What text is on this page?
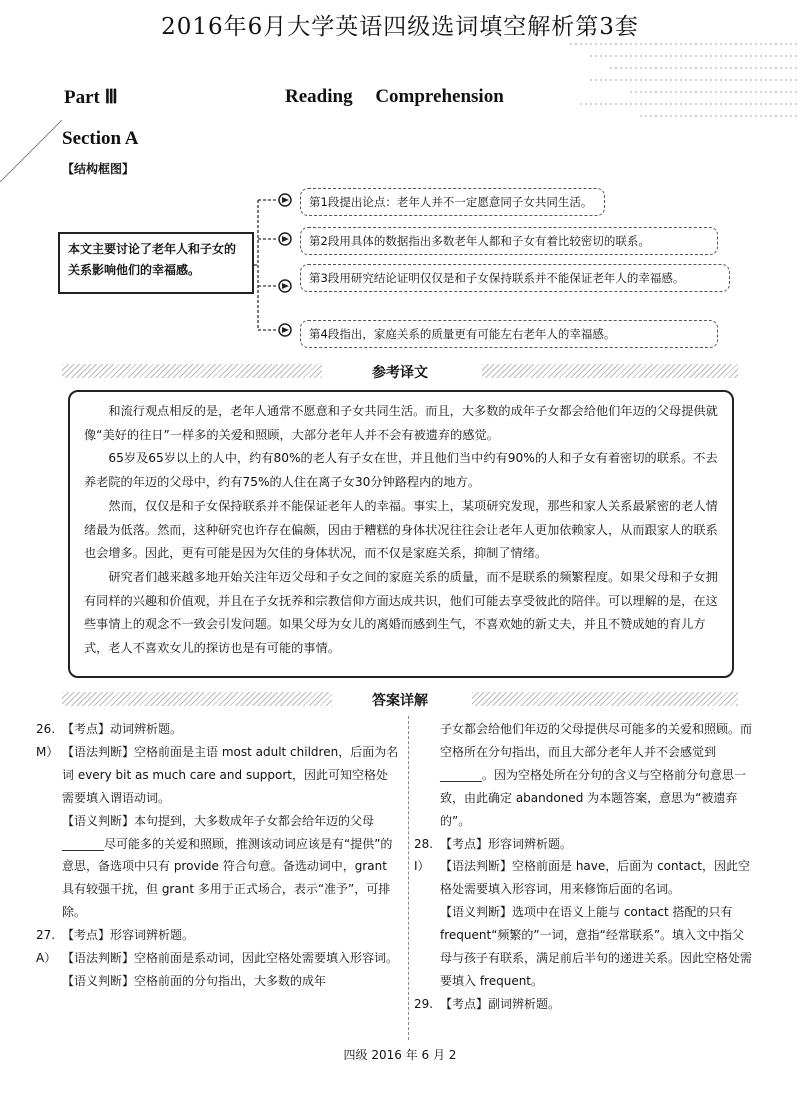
2016年6月大学英语四级选词填空解析第3套
Part Ⅲ	Reading Comprehension
Section A
【结构框图】
本文主要讨论了老年人和子女的关系影响他们的幸福感。
第1段提出论点：老年人并不一定愿意同子女共同生活。
第2段用具体的数据指出多数老年人都和子女有着比较密切的联系。
第3段用研究结论证明仅仅是和子女保持联系并不能保证老年人的幸福感。
第4段指出，家庭关系的质量更有可能左右老年人的幸福感。
参考译文

和流行观点相反的是，老年人通常不愿意和子女共同生活。而且，大多数的成年子女都会给他们年迈的父母提供就像“美好的往日”一样多的关爱和照顾，大部分老年人并不会有被遗弃的感觉。

65岁及65岁以上的人中，约有80%的老人有子女在世，并且他们当中约有90%的人和子女有着密切的联系。不去养老院的年迈的父母中，约有75%的人住在离子女30分钟路程内的地方。

然而，仅仅是和子女保持联系并不能保证老年人的幸福。事实上，某项研究发现，那些和家人关系最紧密的老人情绪最为低落。然而，这种研究也许存在偏颇，因由于糟糕的身体状况往往会让老年人更加依赖家人，从而跟家人的联系也会增多。因此，更有可能是因为欠佳的身体状况，而不仅是家庭关系，抑制了情绪。

研究者们越来越多地开始关注年迈父母和子女之间的家庭关系的质量，而不是联系的频繁程度。如果父母和子女拥有同样的兴趣和价值观，并且在子女抚养和宗教信仰方面达成共识，他们可能去享受彼此的陪伴。可以理解的是，在这些事情上的观念不一致会引发问题。如果父母为女儿的离婚而感到生气，不喜欢她的新丈夫，并且不赞成她的育儿方式，老人不喜欢女儿的探访也是有可能的事情。

答案详解

26. 【考点】动词辨析题。

M） 【语法判断】空格前面是主语 most adult children，后面为名词 every bit as much care and support，因此可知空格处需要填入谓语动词。

【语义判断】本句提到，大多数成年子女都会给年迈的父母_______尽可能多的关爱和照顾，推测该动词应该是有“提供”的意思，备选项中只有 provide 符合句意。备选动词中，grant 具有较强干扰，但 grant 多用于正式场合，表示“准予”，可排除。

27. 【考点】形容词辨析题。

A） 【语法判断】空格前面是系动词，因此空格处需要填入形容词。

【语义判断】空格前面的分句指出，大多数的成年

子女都会给他们年迈的父母提供尽可能多的关爱和照顾。而空格所在分句指出，而且大部分老年人并不会感觉到_______。因为空格处所在分句的含义与空格前分句意思一致，由此确定 abandoned 为本题答案，意思为“被遗弃的”。

28. 【考点】形容词辨析题。

I） 【语法判断】空格前面是 have，后面为 contact，因此空格处需要填入形容词，用来修饰后面的名词。

【语义判断】选项中在语义上能与 contact 搭配的只有 frequent“频繁的”一词，意指“经常联系”。填入文中指父母与孩子有联系，满足前后半句的递进关系。因此空格处需要填入 frequent。

29. 【考点】副词辨析题。

四级 2016 年 6 月 2
